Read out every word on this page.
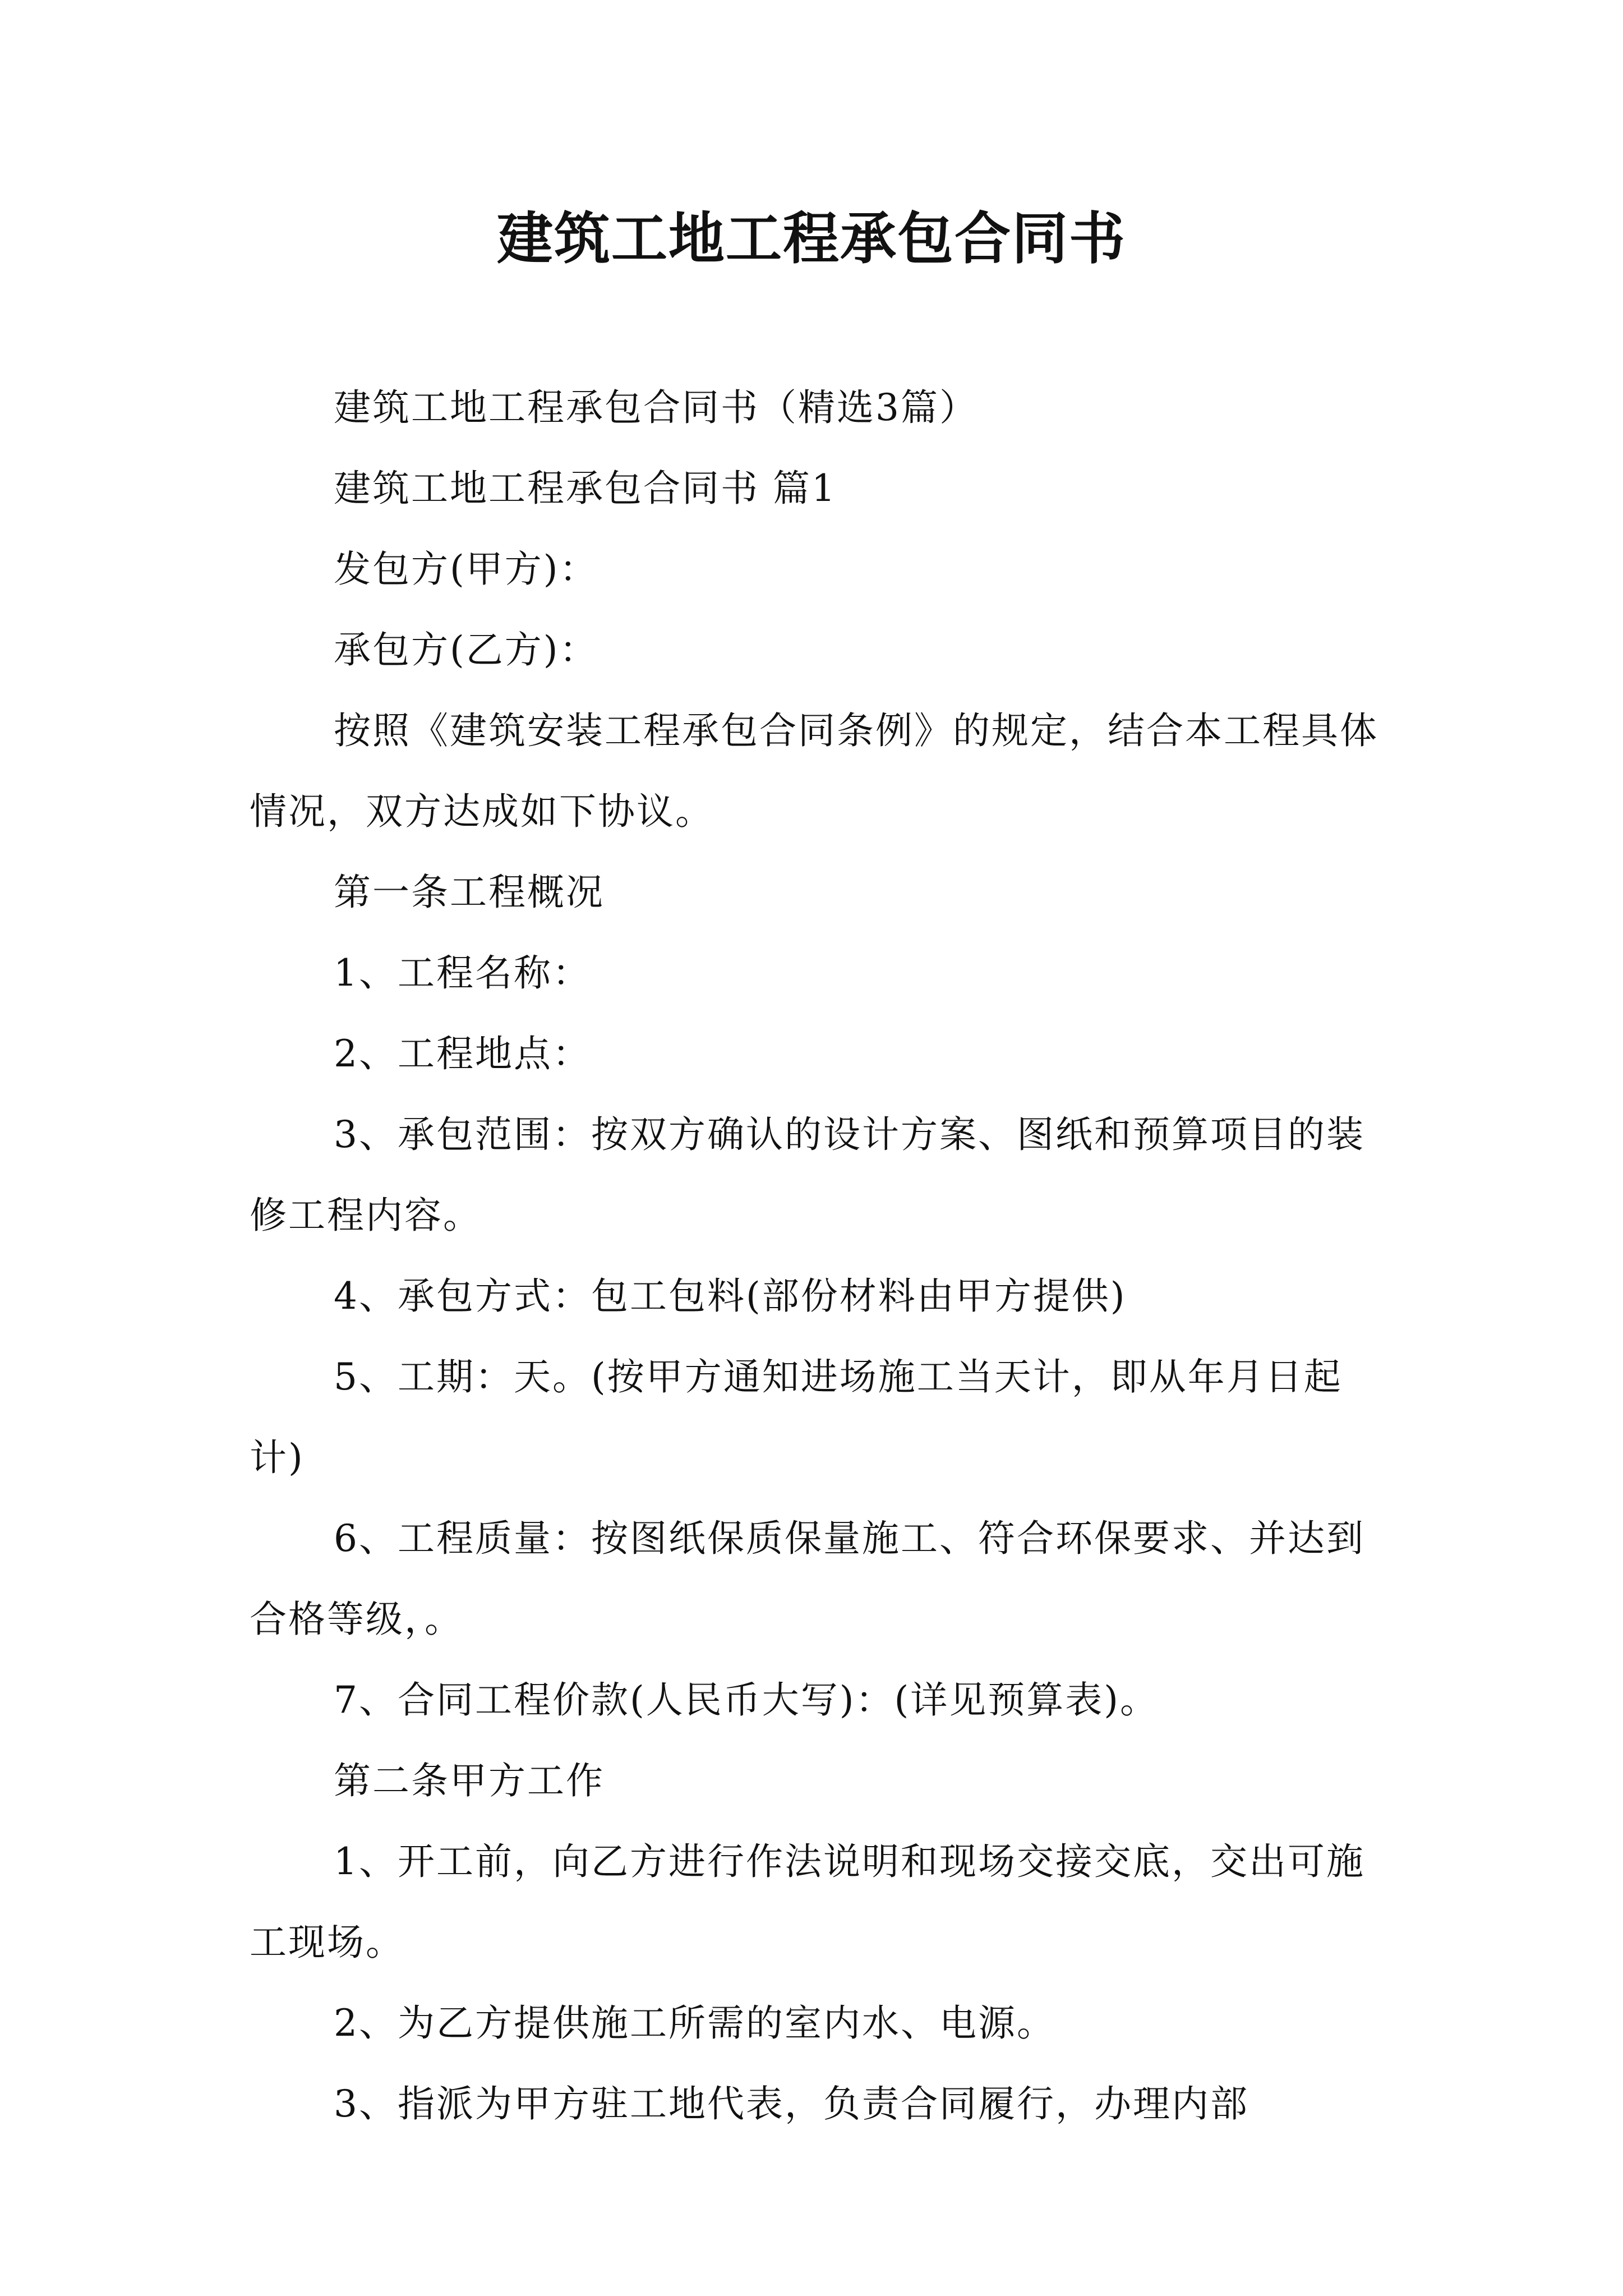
建筑工地工程承包合同书

建筑工地工程承包合同书（精选3篇）

建筑工地工程承包合同书 篇1

发包方(甲方)：

承包方(乙方)：

按照《建筑安装工程承包合同条例》的规定，结合本工程具体情况，双方达成如下协议。

第一条工程概况

1、工程名称：

2、工程地点：

3、承包范围：按双方确认的设计方案、图纸和预算项目的装修工程内容。

4、承包方式：包工包料(部份材料由甲方提供)

5、工期：天。(按甲方通知进场施工当天计，即从年月日起计)

6、工程质量：按图纸保质保量施工、符合环保要求、并达到合格等级，。

7、合同工程价款(人民币大写)：(详见预算表)。

第二条甲方工作

1、开工前，向乙方进行作法说明和现场交接交底，交出可施工现场。

2、为乙方提供施工所需的室内水、电源。

3、指派为甲方驻工地代表，负责合同履行，办理内部
